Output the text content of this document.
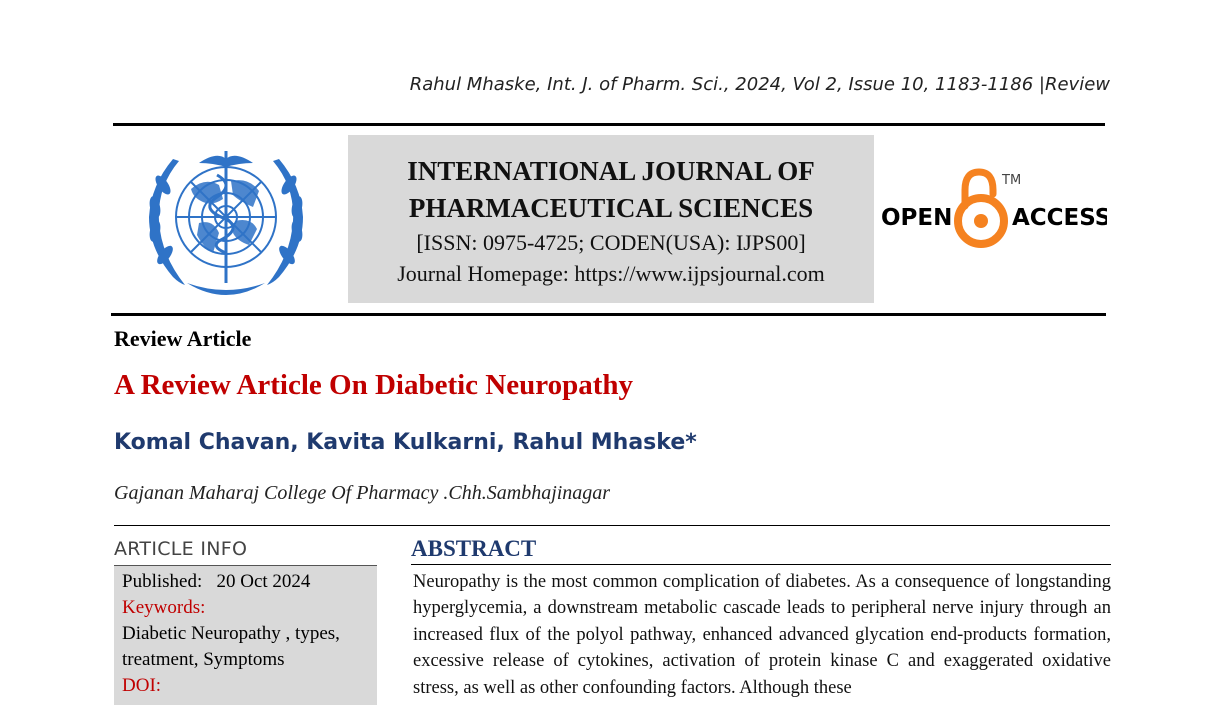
Rahul Mhaske, Int. J. of Pharm. Sci., 2024, Vol 2, Issue 10, 1183-1186 |Review
INTERNATIONAL JOURNAL OF
PHARMACEUTICAL SCIENCES
[ISSN: 0975-4725; CODEN(USA): IJPS00]
Journal Homepage: https://www.ijpsjournal.com
OPEN
TM
ACCESS
Review Article
A Review Article On Diabetic Neuropathy
Komal Chavan, Kavita Kulkarni, Rahul Mhaske*
Gajanan Maharaj College Of Pharmacy .Chh.Sambhajinagar
ARTICLE INFO
Published: 20 Oct 2024
Keywords:
Diabetic Neuropathy , types,
treatment, Symptoms
DOI:
ABSTRACT

Neuropathy is the most common complication of diabetes. As a consequence of longstanding hyperglycemia, a downstream metabolic cascade leads to peripheral nerve injury through an increased flux of the polyol pathway, enhanced advanced glycation end-products formation, excessive release of cytokines, activation of protein kinase C and exaggerated oxidative stress, as well as other confounding factors. Although these
